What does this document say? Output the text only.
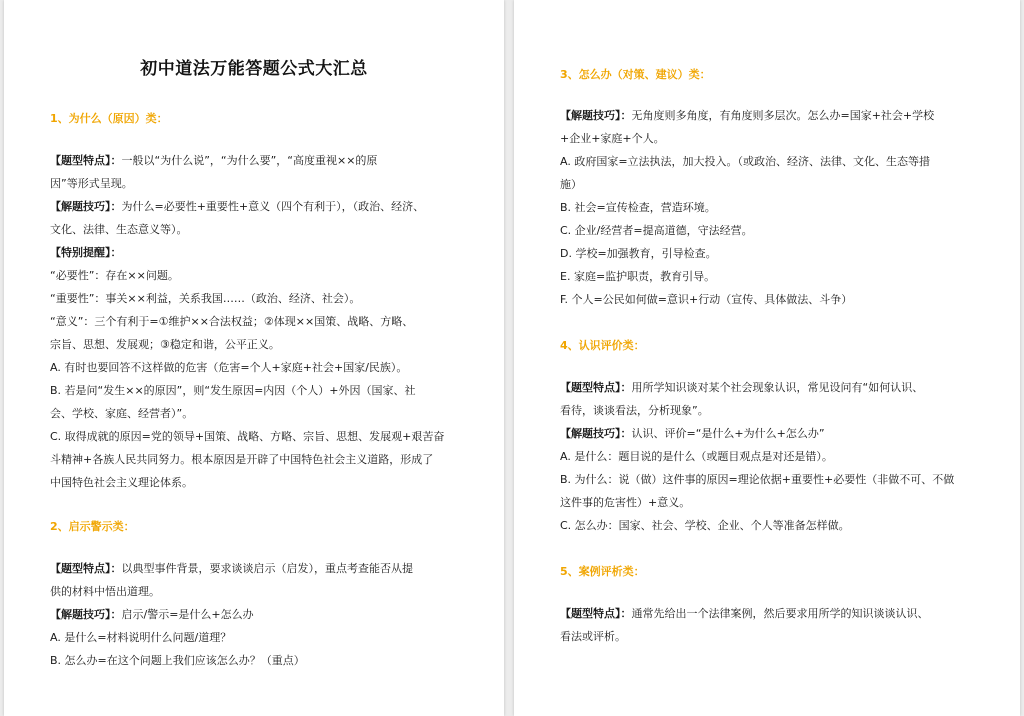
初中道法万能答题公式大汇总
1、为什么（原因）类：
【题型特点】：一般以“为什么说”，“为什么要”，“高度重视××的原
因”等形式呈现。
【解题技巧】：为什么=必要性+重要性+意义（四个有利于），（政治、经济、
文化、法律、生态意义等）。
【特别提醒】：
“必要性”：存在××问题。
“重要性”：事关××利益，关系我国……（政治、经济、社会）。
“意义”：三个有利于=①维护××合法权益；②体现××国策、战略、方略、
宗旨、思想、发展观；③稳定和谐，公平正义。
A. 有时也要回答不这样做的危害（危害=个人+家庭+社会+国家/民族）。
B. 若是问“发生××的原因”，则“发生原因=内因（个人）+外因（国家、社
会、学校、家庭、经营者）”。
C. 取得成就的原因=党的领导+国策、战略、方略、宗旨、思想、发展观+艰苦奋
斗精神+各族人民共同努力。根本原因是开辟了中国特色社会主义道路，形成了
中国特色社会主义理论体系。
2、启示警示类：
【题型特点】：以典型事件背景，要求谈谈启示（启发），重点考查能否从提
供的材料中悟出道理。
【解题技巧】：启示/警示=是什么+怎么办
A. 是什么=材料说明什么问题/道理？
B. 怎么办=在这个问题上我们应该怎么办？（重点）
3、怎么办（对策、建议）类：
【解题技巧】：无角度则多角度，有角度则多层次。怎么办=国家+社会+学校
+企业+家庭+个人。
A. 政府国家=立法执法，加大投入。（或政治、经济、法律、文化、生态等措
施）
B. 社会=宣传检查，营造环境。
C. 企业/经营者=提高道德，守法经营。
D. 学校=加强教育，引导检查。
E. 家庭=监护职责，教育引导。
F. 个人=公民如何做=意识+行动（宣传、具体做法、斗争）
4、认识评价类：
【题型特点】：用所学知识谈对某个社会现象认识，常见设问有“如何认识、
看待，谈谈看法，分析现象”。
【解题技巧】：认识、评价=“是什么+为什么+怎么办”
A. 是什么：题目说的是什么（或题目观点是对还是错）。
B. 为什么：说（做）这件事的原因=理论依据+重要性+必要性（非做不可、不做
这件事的危害性）+意义。
C. 怎么办：国家、社会、学校、企业、个人等准备怎样做。
5、案例评析类：
【题型特点】：通常先给出一个法律案例，然后要求用所学的知识谈谈认识、
看法或评析。
